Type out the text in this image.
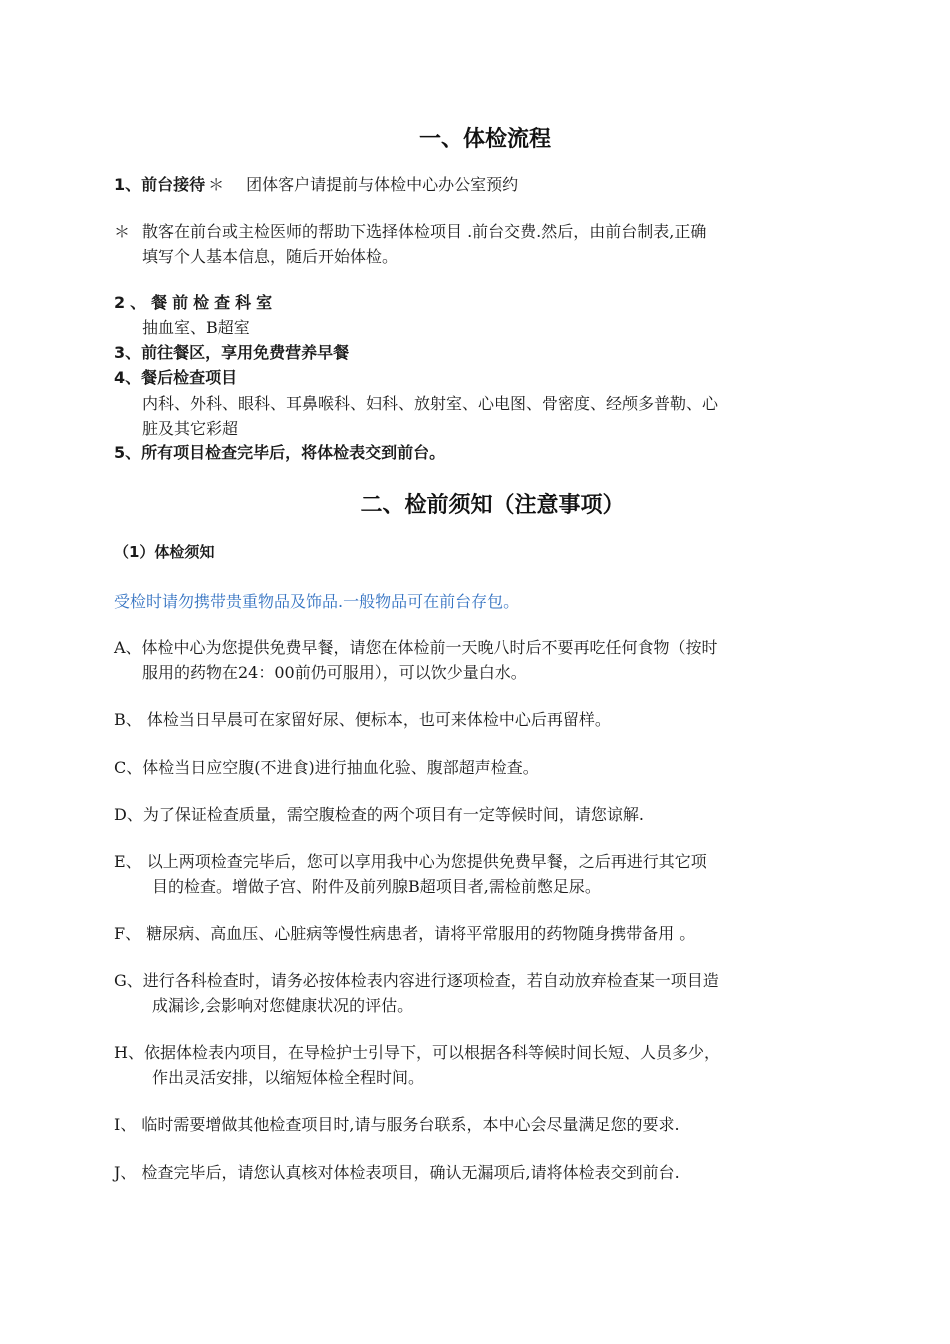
一、体检流程
1、前台接待 ＊ 团体客户请提前与体检中心办公室预约
＊ 散客在前台或主检医师的帮助下选择体检项目 .前台交费.然后，由前台制表,正确
填写个人基本信息，随后开始体检。
2、餐前检查科室
抽血室、B超室
3、前往餐区，享用免费营养早餐
4、餐后检查项目
内科、外科、眼科、耳鼻喉科、妇科、放射室、心电图、骨密度、经颅多普勒、心
脏及其它彩超
5、所有项目检查完毕后，将体检表交到前台。
二、检前须知（注意事项）
（1）体检须知
受检时请勿携带贵重物品及饰品.一般物品可在前台存包。
A、体检中心为您提供免费早餐，请您在体检前一天晚八时后不要再吃任何食物（按时
服用的药物在24：00前仍可服用），可以饮少量白水。
B、 体检当日早晨可在家留好尿、便标本，也可来体检中心后再留样。
C、体检当日应空腹(不进食)进行抽血化验、腹部超声检查。
D、为了保证检查质量，需空腹检查的两个项目有一定等候时间，请您谅解.
E、 以上两项检查完毕后，您可以享用我中心为您提供免费早餐，之后再进行其它项
目的检查。增做子宫、附件及前列腺B超项目者,需检前憋足尿。
F、 糖尿病、高血压、心脏病等慢性病患者，请将平常服用的药物随身携带备用 。
G、进行各科检查时，请务必按体检表内容进行逐项检查，若自动放弃检查某一项目造
成漏诊,会影响对您健康状况的评估。
H、依据体检表内项目，在导检护士引导下，可以根据各科等候时间长短、人员多少，
作出灵活安排，以缩短体检全程时间。
I、 临时需要增做其他检查项目时,请与服务台联系，本中心会尽量满足您的要求.
J、 检查完毕后，请您认真核对体检表项目，确认无漏项后,请将体检表交到前台.
